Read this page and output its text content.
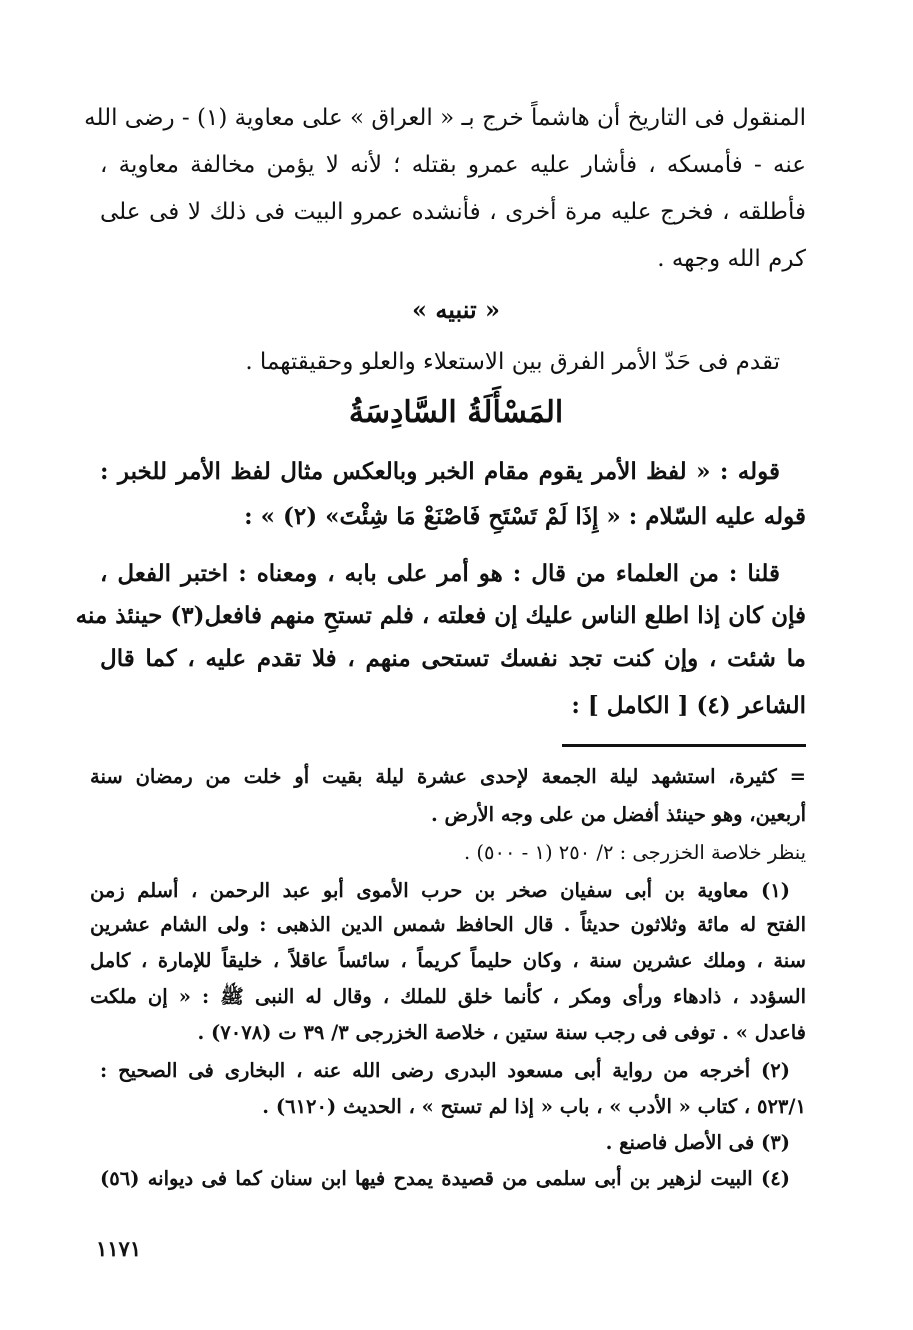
المنقول فى التاريخ أن هاشماً خرج بـ « العراق » على معاوية (١) - رضى الله
عنه - فأمسكه ، فأشار عليه عمرو بقتله ؛ لأنه لا يؤمن مخالفة معاوية ،
فأطلقه ، فخرج عليه مرة أخرى ، فأنشده عمرو البيت فى ذلك لا فى على
كرم الله وجهه .
« تنبيه »
تقدم فى حَدّ الأمر الفرق بين الاستعلاء والعلو وحقيقتهما .
المَسْأَلَةُ السَّادِسَةُ
قوله : « لفظ الأمر يقوم مقام الخبر وبالعكس مثال لفظ الأمر للخبر :
قوله عليه السّلام : « إِذَا لَمْ تَسْتَحِ فَاصْنَعْ مَا شِئْتَ» (٢) » :
قلنا : من العلماء من قال : هو أمر على بابه ، ومعناه : اختبر الفعل ،
فإن كان إذا اطلع الناس عليك إن فعلته ، فلم تستحِ منهم فافعل(٣) حينئذ منه
ما شئت ، وإن كنت تجد نفسك تستحى منهم ، فلا تقدم عليه ، كما قال
الشاعر (٤) [ الكامل ] :
= كثيرة، استشهد ليلة الجمعة لإحدى عشرة ليلة بقيت أو خلت من رمضان سنة
أربعين، وهو حينئذ أفضل من على وجه الأرض .
ينظر خلاصة الخزرجى : ٢/ ٢٥٠ (١ - ٥٠٠) .
(١) معاوية بن أبى سفيان صخر بن حرب الأموى أبو عبد الرحمن ، أسلم زمن
الفتح له مائة وثلاثون حديثاً . قال الحافظ شمس الدين الذهبى : ولى الشام عشرين
سنة ، وملك عشرين سنة ، وكان حليماً كريماً ، سائساً عاقلاً ، خليقاً للإمارة ، كامل
السؤدد ، ذادهاء ورأى ومكر ، كأنما خلق للملك ، وقال له النبى ﷺ : « إن ملكت
فاعدل » . توفى فى رجب سنة ستين ، خلاصة الخزرجى ٣/ ٣٩ ت (٧٠٧٨) .
(٢) أخرجه من رواية أبى مسعود البدرى رضى الله عنه ، البخارى فى الصحيح :
٥٢٣/١ ، كتاب « الأدب » ، باب « إذا لم تستح » ، الحديث (٦١٢٠) .
(٣) فى الأصل فاصنع .
(٤) البيت لزهير بن أبى سلمى من قصيدة يمدح فيها ابن سنان كما فى ديوانه (٥٦)
١١٧١
